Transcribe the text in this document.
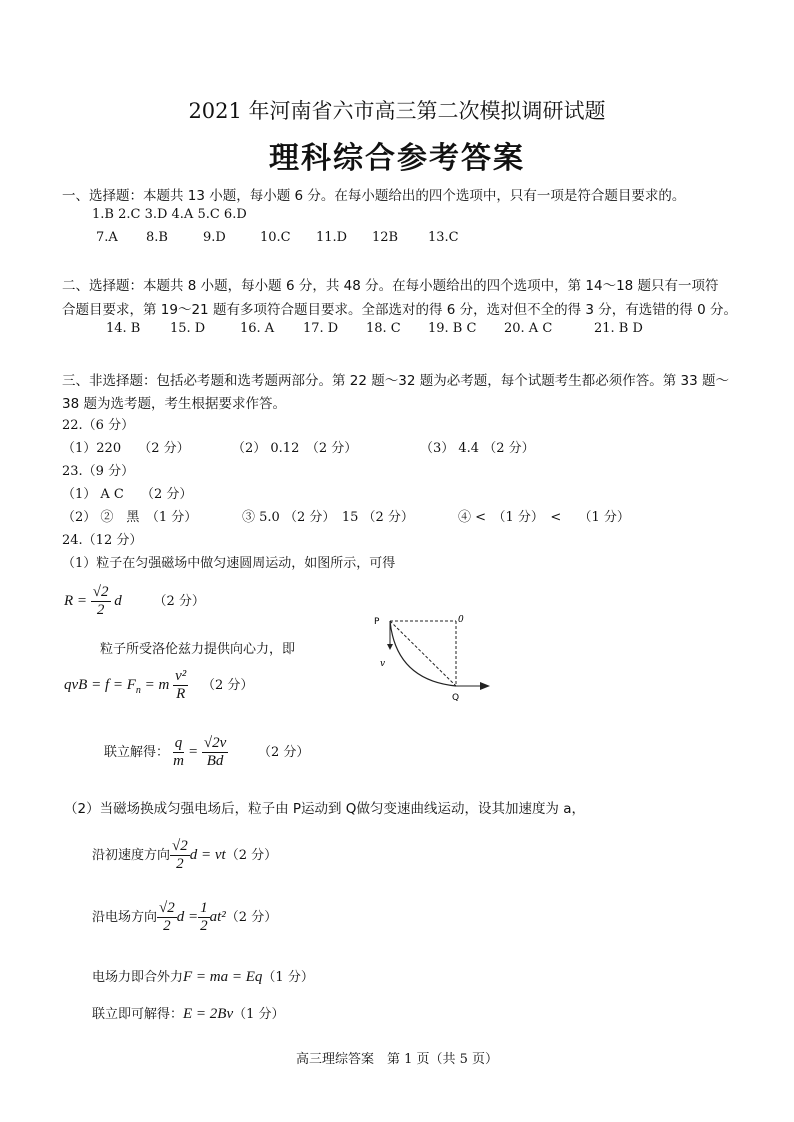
2021 年河南省六市高三第二次模拟调研试题
理科综合参考答案
一、选择题：本题共 13 小题，每小题 6 分。在每小题给出的四个选项中，只有一项是符合题目要求的。
1.B 2.C 3.D 4.A 5.C 6.D
7.A 8.B	9.D	10.C 11.D 12B 13.C
二、选择题：本题共 8 小题，每小题 6 分，共 48 分。在每小题给出的四个选项中，第 14～18 题只有一项符
合题目要求，第 19～21 题有多项符合题目要求。全部选对的得 6 分，选对但不全的得 3 分，有选错的得 0 分。
14. B 15. D	16. A 17. D 18. C 19. B C 20. A C	21. B D
三、非选择题：包括必考题和选考题两部分。第 22 题～32 题为必考题，每个试题考生都必须作答。第 33 题～
38 题为选考题，考生根据要求作答。
22.（6 分）
（1）220　 （2 分）	（2） 0.12　（2 分）	（3） 4.4 （2 分）
23.（9 分）
（1） A C　 （2 分）
（2） ②　黑　（1 分）	③ 5.0 （2 分）　15 （2 分）	④ <　（1 分）　<　 （1 分）
24.（12 分）
（1）粒子在匀强磁场中做匀速圆周运动，如图所示，可得
$R = \frac{√2}{2}$ d （2 分）
粒子所受洛伦兹力提供向心力，即
qvB = $f = F_n = m \frac{\text{v²}}{R} (2$ 分）
联立解得： $\frac{q}{m} = \frac{√2v}{Bd} (2$ 分）
（2）当磁场换成匀强电场后，粒子由 P运动到 Q做匀变速曲线运动，设其加速度为 a，
沿初速度方向 $\frac{√2}{2}$ d = vt（2 分）
沿电场方向 $\frac{√2}{2}$ $d = \frac{1}{2} at^2(2$ 分）
电场力即合外力F = ma = Eq（1 分）
联立即可解得：E = 2Bv（1 分）
P	0
v
Q
高三理综答案　第 1 页（共 5 页）
